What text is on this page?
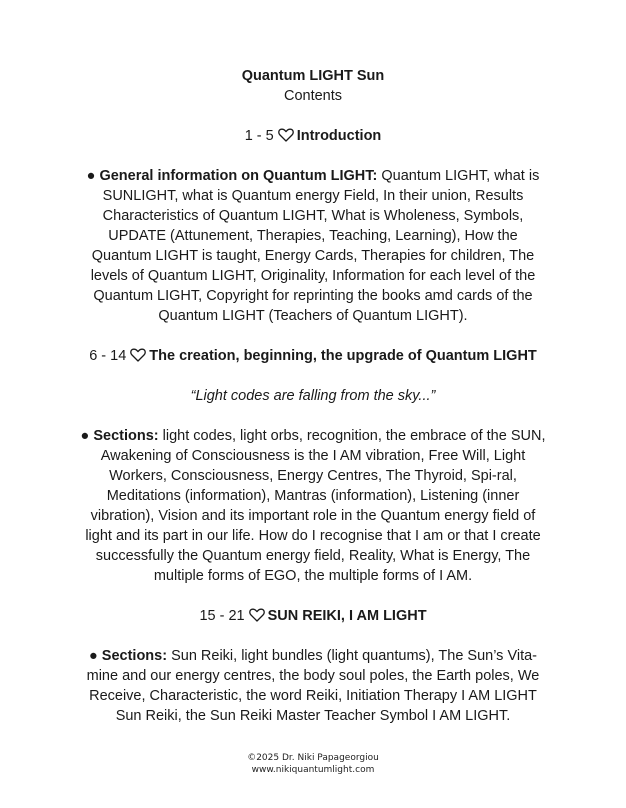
Quantum LIGHT Sun
Contents
1 - 5 Introduction
● General information on Quantum LIGHT: Quantum LIGHT, what is SUNLIGHT, what is Quantum energy Field, In their union, Results Characteristics of Quantum LIGHT, What is Wholeness, Symbols, UPDATE (Attunement, Therapies, Teaching, Learning), How the Quantum LIGHT is taught, Energy Cards, Therapies for children, The levels of Quantum LIGHT, Originality, Information for each level of the Quantum LIGHT, Copyright for reprinting the books amd cards of the Quantum LIGHT (Teachers of Quantum LIGHT).
6 - 14 The creation, beginning, the upgrade of Quantum LIGHT
“Light codes are falling from the sky...”
● Sections: light codes, light orbs, recognition, the embrace of the SUN, Awakening of Consciousness is the I AM vibration, Free Will, Light Workers, Consciousness, Energy Centres, The Thyroid, Spi-ral, Meditations (information), Mantras (information), Listening (inner vibration), Vision and its important role in the Quantum energy field of light and its part in our life. How do I recognise that I am or that I create successfully the Quantum energy field, Reality, What is Energy, The multiple forms of EGO, the multiple forms of I AM.
15 - 21 SUN REIKI, I AM LIGHT
● Sections: Sun Reiki, light bundles (light quantums), The Sun’s Vita-mine and our energy centres, the body soul poles, the Earth poles, We Receive, Characteristic, the word Reiki, Initiation Therapy I AM LIGHT Sun Reiki, the Sun Reiki Master Teacher Symbol I AM LIGHT.
©2025 Dr. Niki Papageorgiou
www.nikiquantumlight.com
